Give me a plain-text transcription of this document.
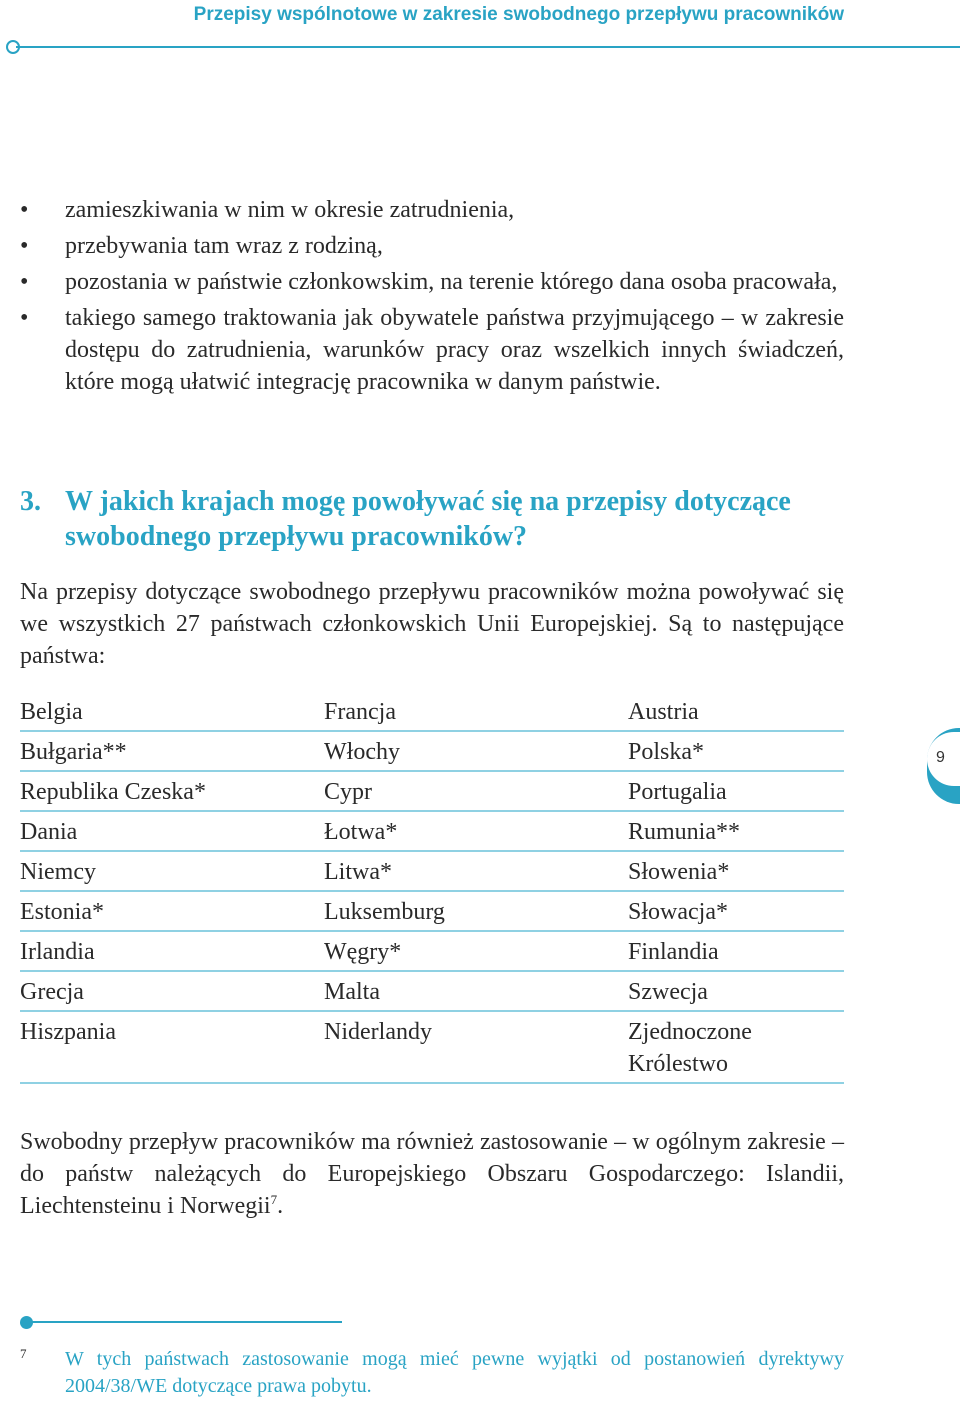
Przepisy wspólnotowe w zakresie swobodnego przepływu pracowników
• zamieszkiwania w nim w okresie zatrudnienia,
• przebywania tam wraz z rodziną,
• pozostania w państwie członkowskim, na terenie którego dana osoba pracowała,
• takiego samego traktowania jak obywatele państwa przyjmującego – w zakresie dostępu do zatrudnienia, warunków pracy oraz wszelkich innych świadczeń, które mogą ułatwić integrację pracownika w danym państwie.
3. W jakich krajach mogę powoływać się na przepisy dotyczące swobodnego przepływu pracowników?
Na przepisy dotyczące swobodnego przepływu pracowników można powoływać się we wszystkich 27 państwach członkowskich Unii Europejskiej. Są to następujące państwa:
Belgia	Francja	Austria
Bułgaria**	Włochy	Polska*
Republika Czeska*	Cypr	Portugalia
Dania	Łotwa*	Rumunia**
Niemcy	Litwa*	Słowenia*
Estonia*	Luksemburg	Słowacja*
Irlandia	Węgry*	Finlandia
Grecja	Malta	Szwecja
Hiszpania	Niderlandy	Zjednoczone Królestwo
Swobodny przepływ pracowników ma również zastosowanie – w ogólnym zakresie – do państw należących do Europejskiego Obszaru Gospodarczego: Islandii, Liechtensteinu i Norwegii$^7$.
9
7 W tych państwach zastosowanie mogą mieć pewne wyjątki od postanowień dyrektywy 2004/38/WE dotyczące prawa pobytu.
